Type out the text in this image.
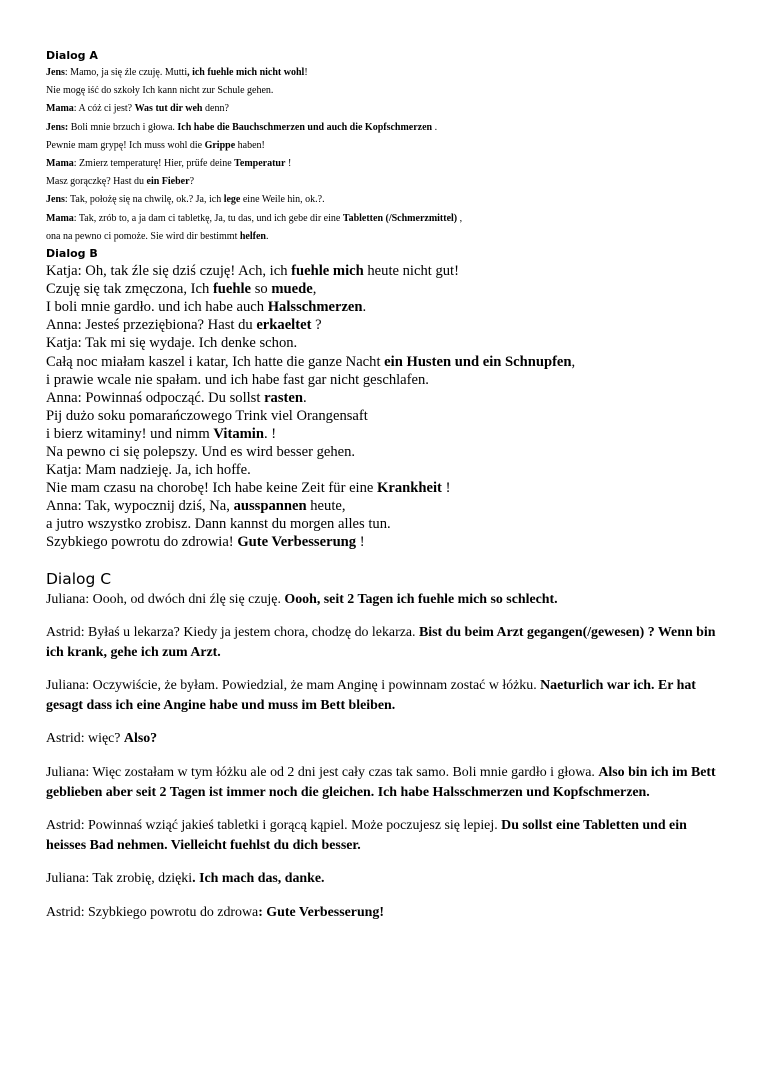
Dialog A

Jens: Mamo, ja się źle czuję. Mutti, ich fuehle mich nicht wohl!

Nie mogę iść do szkoły Ich kann nicht zur Schule gehen.

Mama: A cóż ci jest? Was tut dir weh denn?

Jens: Boli mnie brzuch i głowa. Ich habe die Bauchschmerzen und auch die Kopfschmerzen .

Pewnie mam grypę! Ich muss wohl die Grippe haben!

Mama: Zmierz temperaturę! Hier, prüfe deine Temperatur !

Masz gorączkę? Hast du ein Fieber?

Jens: Tak, położę się na chwilę, ok.? Ja, ich lege eine Weile hin, ok.?.

Mama: Tak, zrób to, a ja dam ci tabletkę, Ja, tu das, und ich gebe dir eine Tabletten (/Schmerzmittel) ,

ona na pewno ci pomoże. Sie wird dir bestimmt helfen.

Dialog B

Katja: Oh, tak źle się dziś czuję! Ach, ich fuehle mich heute nicht gut!

Czuję się tak zmęczona, Ich fuehle so muede,

I boli mnie gardło. und ich habe auch Halsschmerzen.

Anna: Jesteś przeziębiona? Hast du erkaeltet ?

Katja: Tak mi się wydaje. Ich denke schon.

Całą noc miałam kaszel i katar, Ich hatte die ganze Nacht ein Husten und ein Schnupfen,

i prawie wcale nie spałam. und ich habe fast gar nicht geschlafen.

Anna: Powinnaś odpocząć. Du sollst rasten.

Pij dużo soku pomarańczowego Trink viel Orangensaft

i bierz witaminy! und nimm Vitamin. !

Na pewno ci się polepszy. Und es wird besser gehen.

Katja: Mam nadzieję. Ja, ich hoffe.

Nie mam czasu na chorobę! Ich habe keine Zeit für eine Krankheit !

Anna: Tak, wypocznij dziś, Na, ausspannen heute,

a jutro wszystko zrobisz. Dann kannst du morgen alles tun.

Szybkiego powrotu do zdrowia! Gute Verbesserung !

Dialog C

Juliana: Oooh, od dwóch dni źlę się czuję. Oooh, seit 2 Tagen ich fuehle mich so schlecht.

Astrid: Byłaś u lekarza? Kiedy ja jestem chora, chodzę do lekarza. Bist du beim Arzt gegangen(/gewesen) ? Wenn bin ich krank, gehe ich zum Arzt.

Juliana: Oczywiście, że byłam. Powiedzial, że mam Anginę i powinnam zostać w łóżku. Naeturlich war ich. Er hat gesagt dass ich eine Angine habe und muss im Bett bleiben.

Astrid: więc? Also?

Juliana: Więc zostałam w tym łóżku ale od 2 dni jest cały czas tak samo. Boli mnie gardło i głowa. Also bin ich im Bett geblieben aber seit 2 Tagen ist immer noch die gleichen. Ich habe Halsschmerzen und Kopfschmerzen.

Astrid: Powinnaś wziąć jakieś tabletki i gorącą kąpiel. Może poczujesz się lepiej. Du sollst eine Tabletten und ein heisses Bad nehmen. Vielleicht fuehlst du dich besser.

Juliana: Tak zrobię, dzięki. Ich mach das, danke.

Astrid: Szybkiego powrotu do zdrowa: Gute Verbesserung!
